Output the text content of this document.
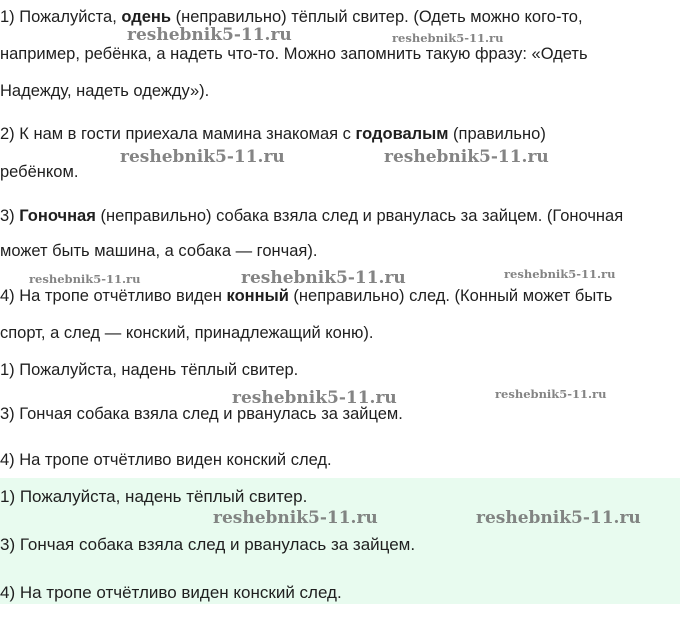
1) Пожалуйста, одень (неправильно) тёплый свитер. (Одеть можно кого-то,
например, ребёнка, а надеть что-то. Можно запомнить такую фразу: «Одеть
Надежду, надеть одежду»).
2) К нам в гости приехала мамина знакомая с годовалым (правильно)
ребёнком.
3) Гоночная (неправильно) собака взяла след и рванулась за зайцем. (Гоночная
может быть машина, а собака — гончая).
4) На тропе отчётливо виден конный (неправильно) след. (Конный может быть
спорт, а след — конский, принадлежащий коню).
1) Пожалуйста, надень тёплый свитер.
3) Гончая собака взяла след и рванулась за зайцем.
4) На тропе отчётливо виден конский след.
1) Пожалуйста, надень тёплый свитер.
3) Гончая собака взяла след и рванулась за зайцем.
4) На тропе отчётливо виден конский след.
reshebnik5-11.ru	reshebnik5-11.ru
reshebnik5-11.ru	reshebnik5-11.ru
reshebnik5-11.ru	reshebnik5-11.ru	reshebnik5-11.ru
reshebnik5-11.ru	reshebnik5-11.ru
reshebnik5-11.ru	reshebnik5-11.ru
